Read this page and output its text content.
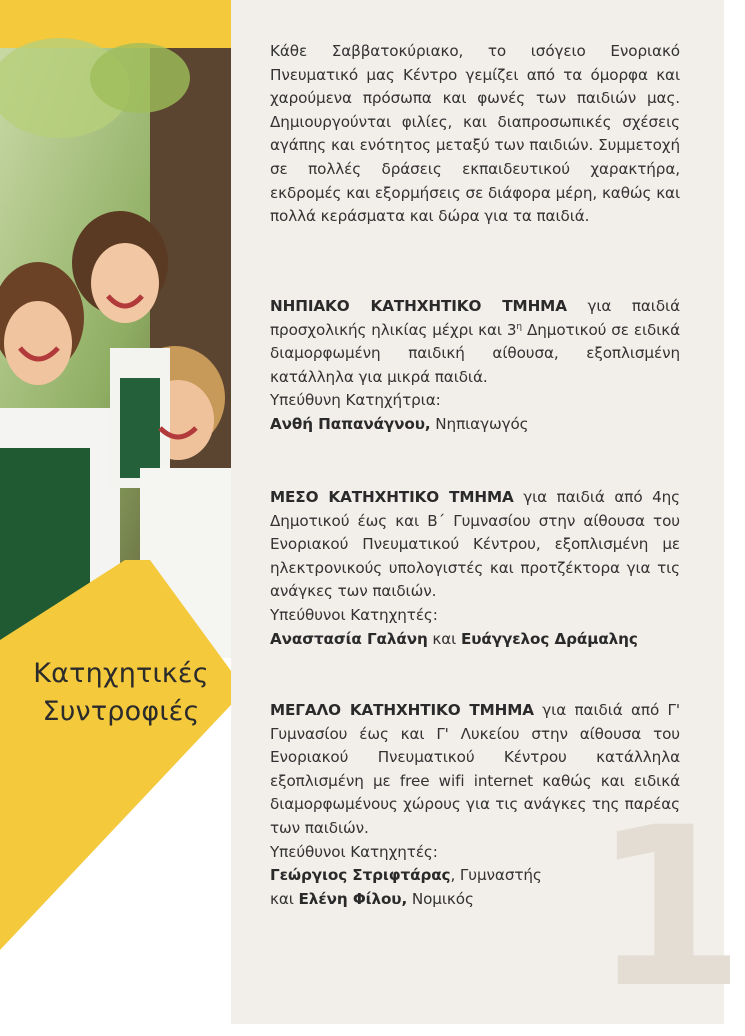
Κατηχητικές
Συντροφιές
1
Κάθε Σαββατοκύριακο, το ισόγειο Ενοριακό Πνευματικό μας Κέντρο γεμίζει από τα όμορφα και χαρούμενα πρόσωπα και φωνές των παιδιών μας. Δημιουργούνται φιλίες, και διαπροσωπικές σχέσεις αγάπης και ενότητος μεταξύ των παιδιών. Συμμετοχή σε πολλές δράσεις εκπαιδευτικού χαρακτήρα, εκδρομές και εξορμήσεις σε διάφορα μέρη, καθώς και πολλά κεράσματα και δώρα για τα παιδιά.
ΝΗΠΙΑΚΟ ΚΑΤΗΧΗΤΙΚΟ ΤΜΗΜΑ για παιδιά προσχολικής ηλικίας μέχρι και $3^\eta$ Δημοτικού σε ειδικά διαμορφωμένη παιδική αίθουσα, εξοπλισμένη κατάλληλα για μικρά παιδιά.
Υπεύθυνη Κατηχήτρια:
Ανθή Παπανάγνου, Νηπιαγωγός
ΜΕΣΟ ΚΑΤΗΧΗΤΙΚΟ ΤΜΗΜΑ για παιδιά από 4ης Δημοτικού έως και Β΄ Γυμνασίου στην αίθουσα του Ενοριακού Πνευματικού Κέντρου, εξοπλισμένη με ηλεκτρονικούς υπολογιστές και προτζέκτορα για τις ανάγκες των παιδιών.
Υπεύθυνοι Κατηχητές:
Αναστασία Γαλάνη και Ευάγγελος Δράμαλης
ΜΕΓΑΛΟ ΚΑΤΗΧΗΤΙΚΟ ΤΜΗΜΑ για παιδιά από Γ' Γυμνασίου έως και Γ' Λυκείου στην αίθουσα του Ενοριακού Πνευματικού Κέντρου κατάλληλα εξοπλισμένη με free wifi internet καθώς και ειδικά διαμορφωμένους χώρους για τις ανάγκες της παρέας των παιδιών.
Υπεύθυνοι Κατηχητές:
Γεώργιος Στριφτάρας, Γυμναστής
και Ελένη Φίλου, Νομικός
